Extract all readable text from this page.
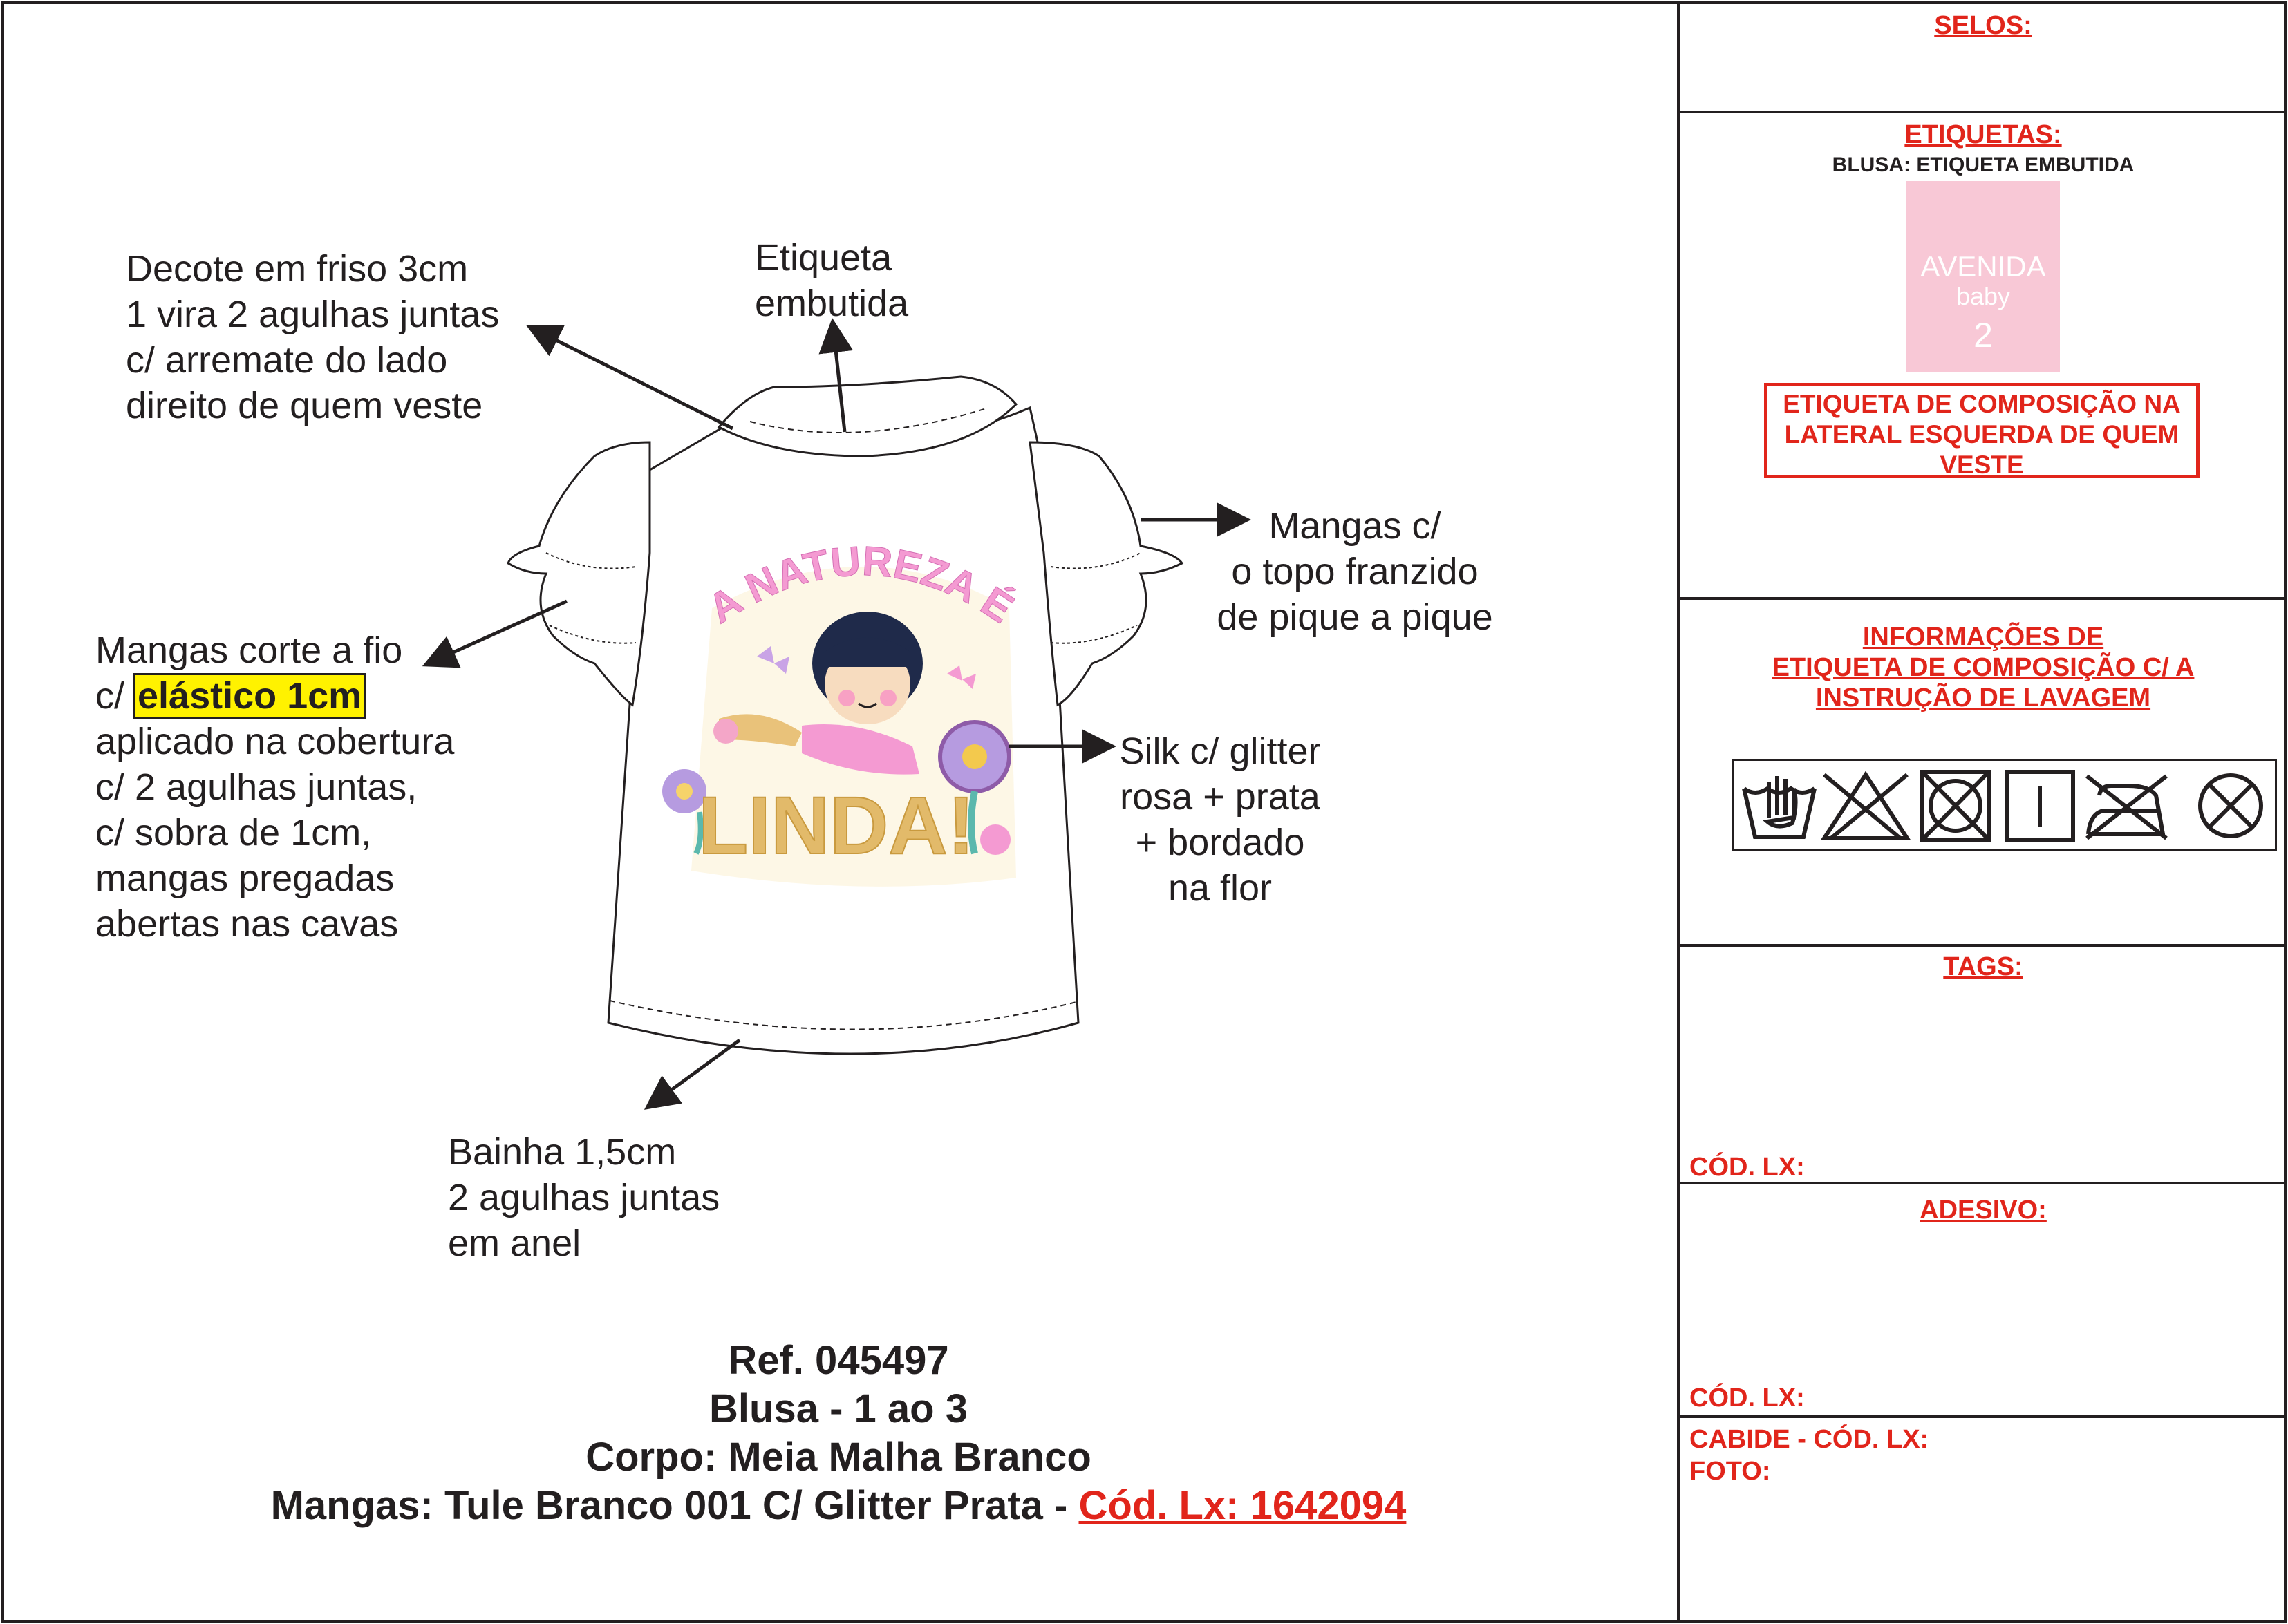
A NATUREZA É
LINDA!
Decote em friso 3cm
1 vira 2 agulhas juntas
c/ arremate do lado
direito de quem veste
Etiqueta
embutida
Mangas c/
o topo franzido
de pique a pique
Mangas corte a fio
c/ elástico 1cm
aplicado na cobertura
c/ 2 agulhas juntas,
c/ sobra de 1cm,
mangas pregadas
abertas nas cavas
Silk c/ glitter
rosa + prata
+ bordado
na flor
Bainha 1,5cm
2 agulhas juntas
em anel
Ref. 045497
Blusa - 1 ao 3
Corpo: Meia Malha Branco
Mangas: Tule Branco 001 C/ Glitter Prata - Cód. Lx: 1642094
SELOS:
ETIQUETAS:
BLUSA: ETIQUETA EMBUTIDA
AVENIDA
baby
2
ETIQUETA DE COMPOSIÇÃO NA
LATERAL ESQUERDA DE QUEM
VESTE
INFORMAÇÕES DE
ETIQUETA DE COMPOSIÇÃO C/ A
INSTRUÇÃO DE LAVAGEM
TAGS:
CÓD. LX:
ADESIVO:
CÓD. LX:
CABIDE - CÓD. LX:
FOTO:
